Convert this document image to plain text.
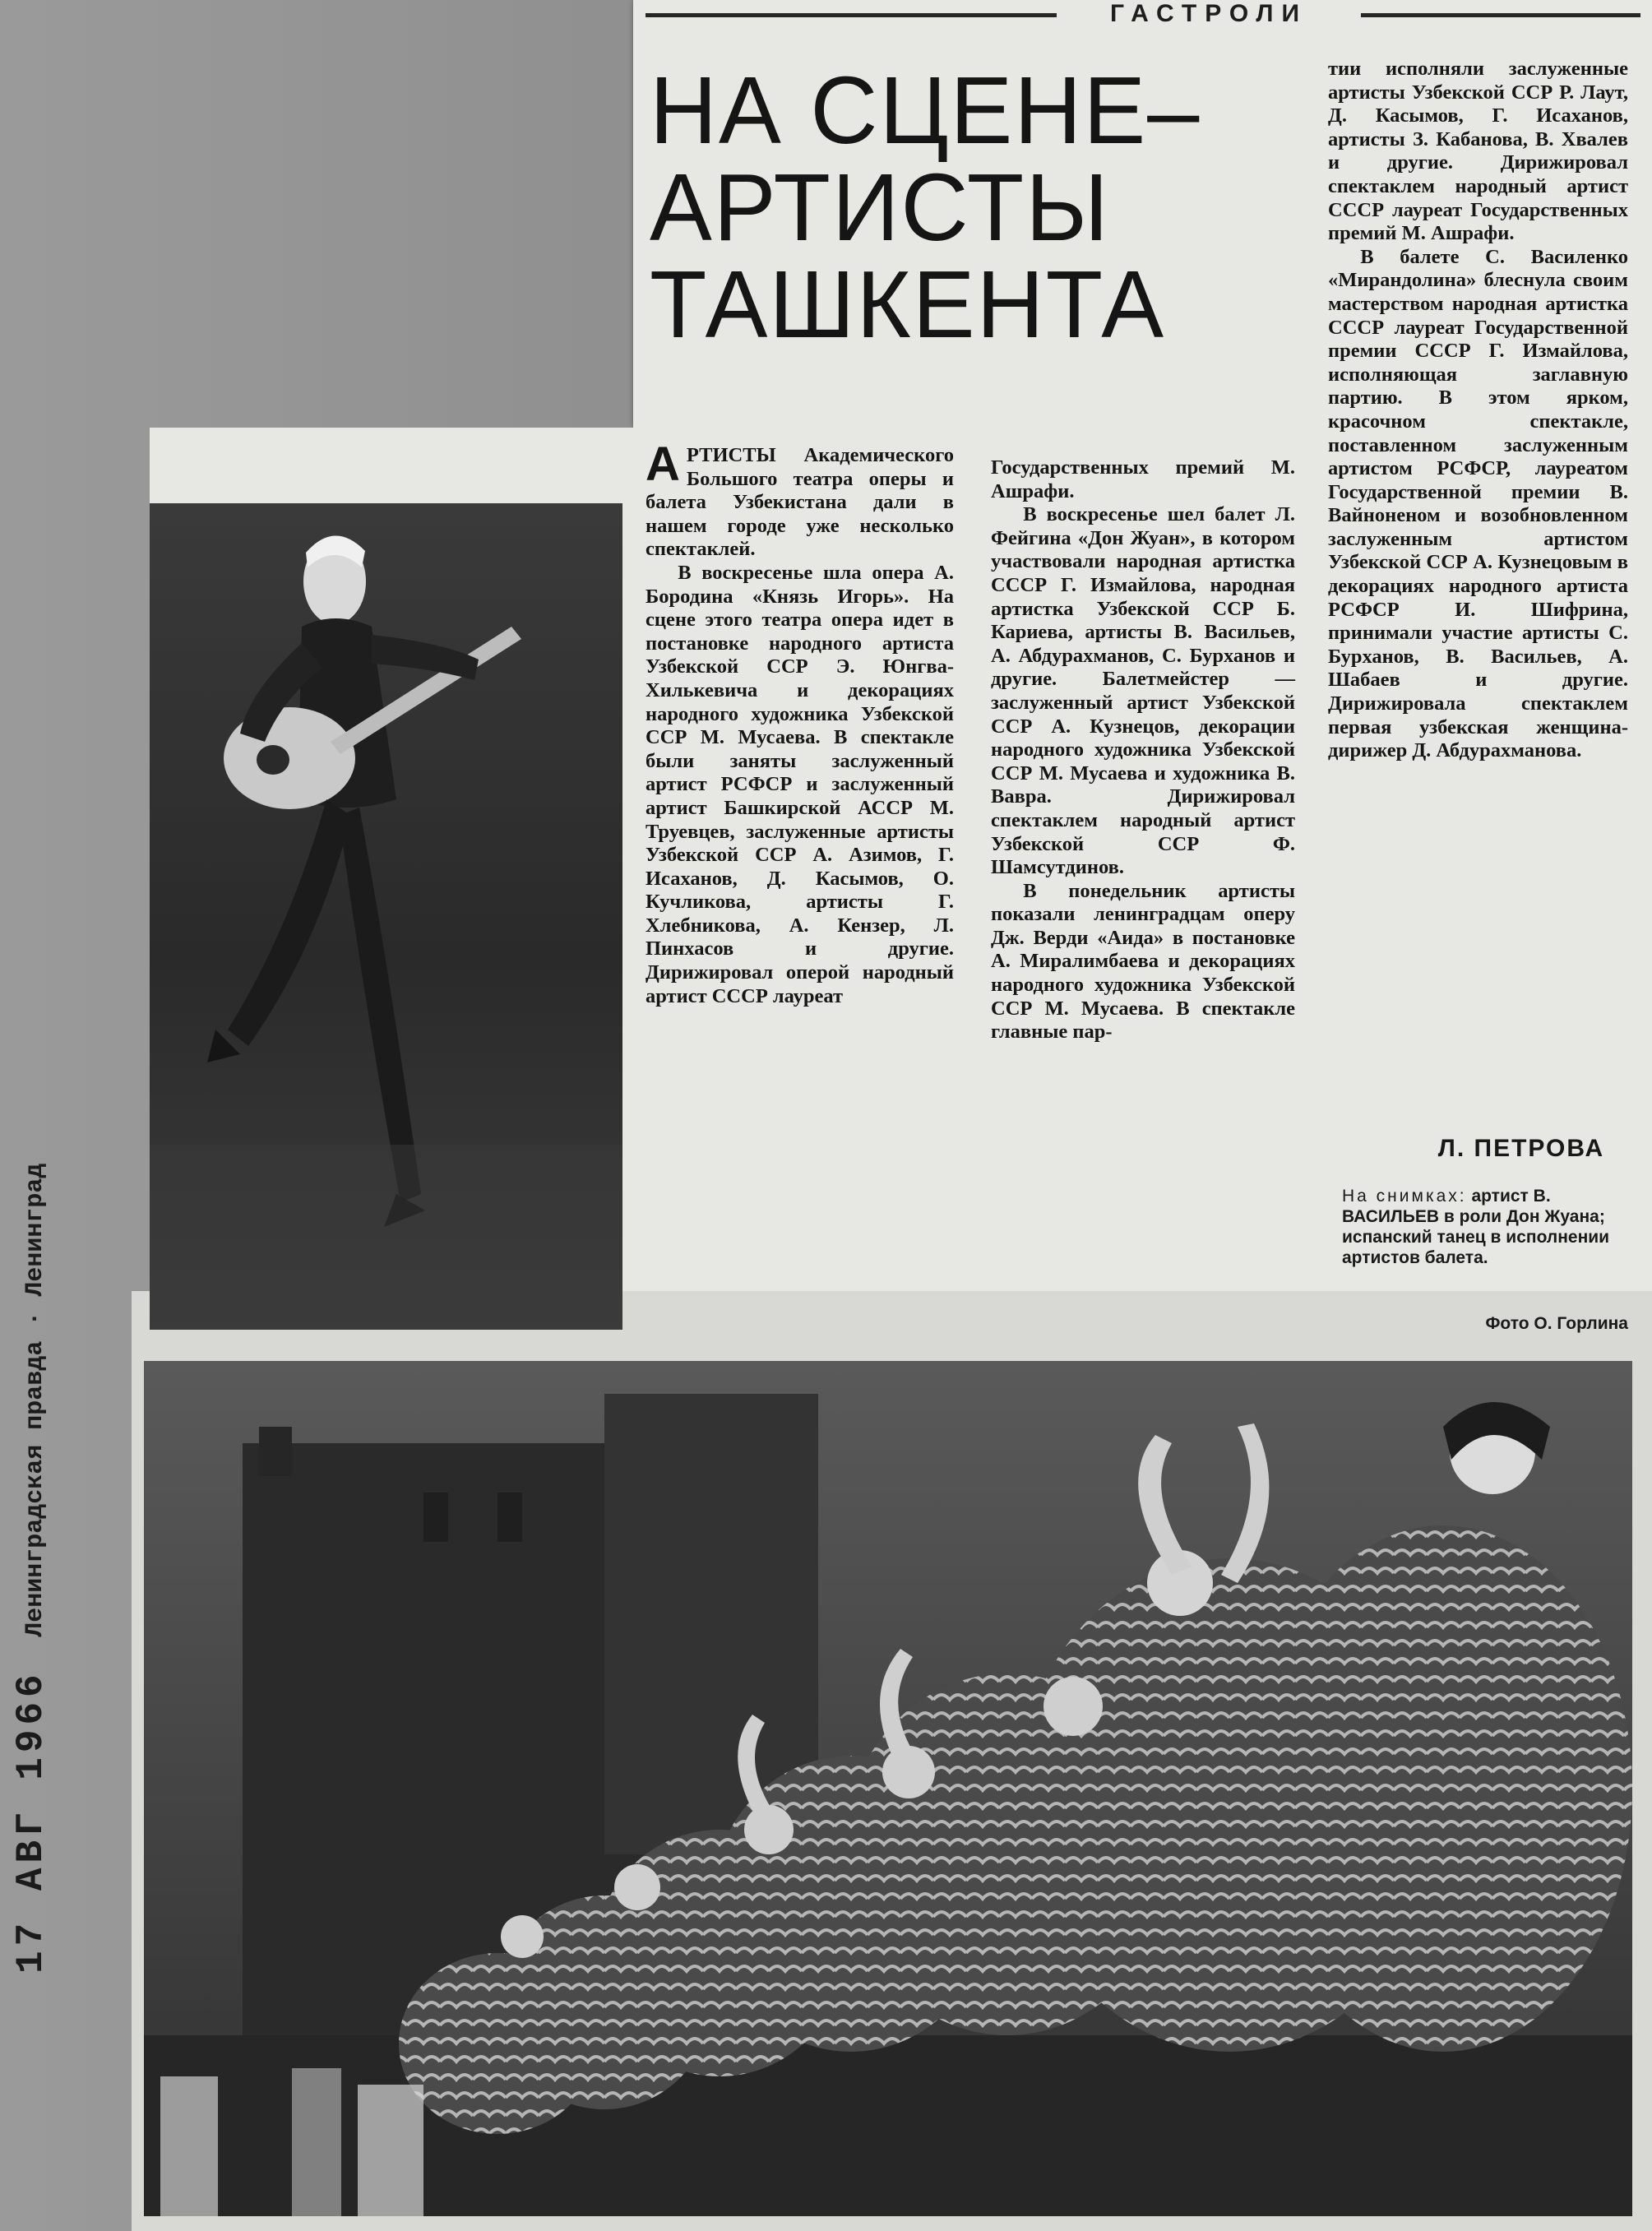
ГАСТРОЛИ
НА СЦЕНЕ–
АРТИСТЫ
ТАШКЕНТА

АРТИСТЫ Академического Большого театра оперы и балета Узбекистана дали в нашем городе уже несколько спектаклей.

В воскресенье шла опера А. Бородина «Князь Игорь». На сцене этого театра опера идет в постановке народного артиста Узбекской ССР Э. Юнгва-Хилькевича и декорациях народного художника Узбекской ССР М. Мусаева. В спектакле были заняты заслуженный артист РСФСР и заслуженный артист Башкирской АССР М. Труевцев, заслуженные артисты Узбекской ССР А. Азимов, Г. Исаханов, Д. Касымов, О. Кучликова, артисты Г. Хлебникова, А. Кензер, Л. Пинхасов и другие. Дирижировал оперой народный артист СССР лауреат

Государственных премий М. Ашрафи.

В воскресенье шел балет Л. Фейгина «Дон Жуан», в котором участвовали народная артистка СССР Г. Измайлова, народная артистка Узбекской ССР Б. Кариева, артисты В. Васильев, А. Абдурахманов, С. Бурханов и другие. Балетмейстер — заслуженный артист Узбекской ССР А. Кузнецов, декорации народного художника Узбекской ССР М. Мусаева и художника В. Вавра. Дирижировал спектаклем народный артист Узбекской ССР Ф. Шамсутдинов.

В понедельник артисты показали ленинградцам оперу Дж. Верди «Аида» в постановке А. Миралимбаева и декорациях народного художника Узбекской ССР М. Мусаева. В спектакле главные пар-

тии исполняли заслуженные артисты Узбекской ССР Р. Лаут, Д. Касымов, Г. Исаханов, артисты З. Кабанова, В. Хвалев и другие. Дирижировал спектаклем народный артист СССР лауреат Государственных премий М. Ашрафи.

В балете С. Василенко «Мирандолина» блеснула своим мастерством народная артистка СССР лауреат Государственной премии СССР Г. Измайлова, исполняющая заглавную партию. В этом ярком, красочном спектакле, поставленном заслуженным артистом РСФСР, лауреатом Государственной премии В. Вайноненом и возобновленном заслуженным артистом Узбекской ССР А. Кузнецовым в декорациях народного артиста РСФСР И. Шифрина, принимали участие артисты С. Бурханов, В. Васильев, А. Шабаев и другие. Дирижировала спектаклем первая узбекская женщина-дирижер Д. Абдурахманова.

Л. ПЕТРОВА
На снимках: артист В. ВАСИЛЬЕВ в роли Дон Жуана; испанский танец в исполнении артистов балета.
Фото О. Горлина
17 АВГ 1966 Ленинградская правда · Ленинград
